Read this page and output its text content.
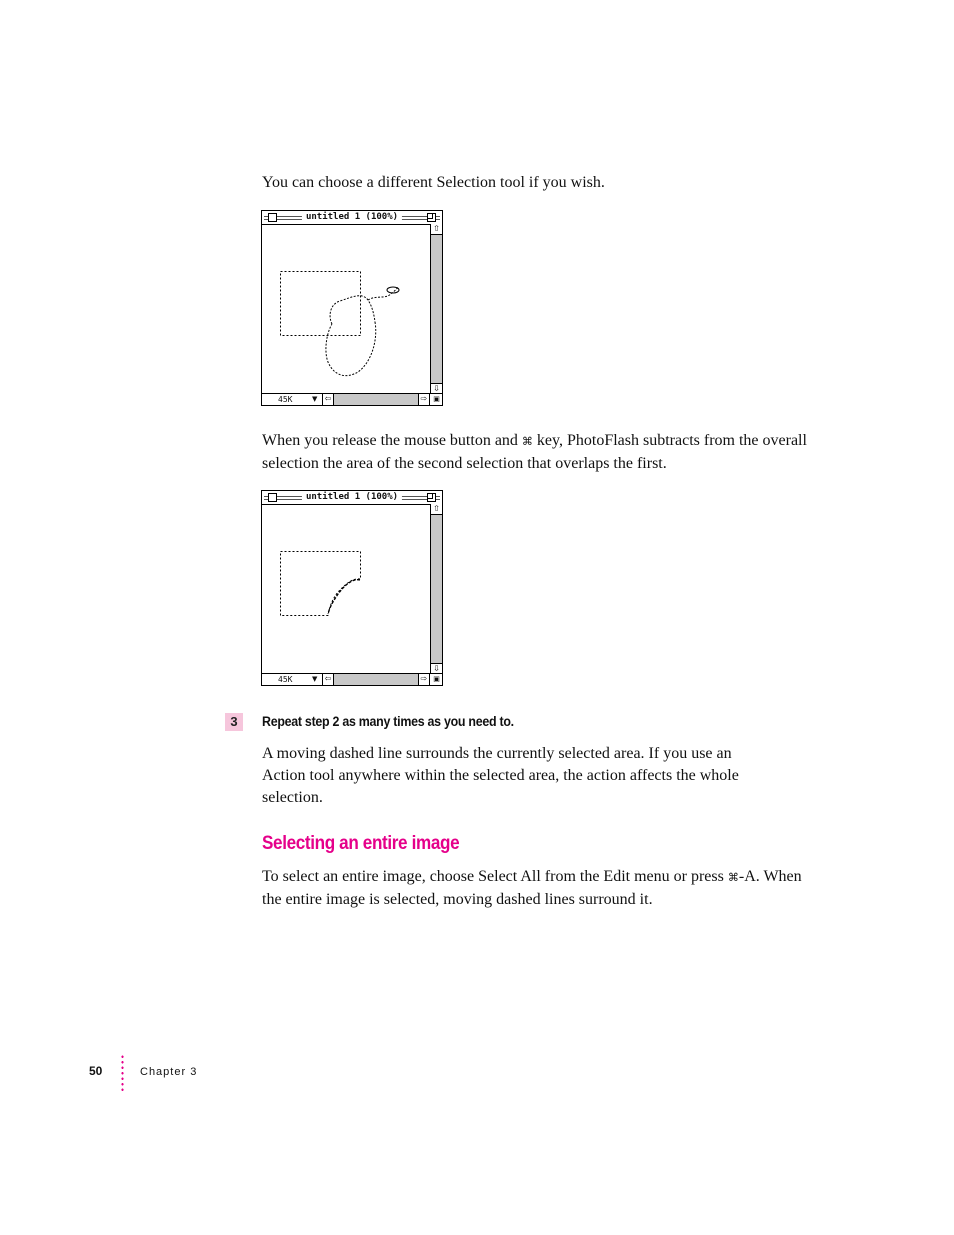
You can choose a different Selection tool if you wish.

untitled 1 (100%)
⇧
⇩
45K	▼ ⇦	⇨ ▣

When you release the mouse button and ⌘ key, PhotoFlash subtracts from the overall selection the area of the second selection that overlaps the first.

untitled 1 (100%)
⇧
⇩
45K	▼ ⇦	⇨ ▣
3	Repeat step 2 as many times as you need to.

A moving dashed line surrounds the currently selected area. If you use an Action tool anywhere within the selected area, the action affects the whole selection.

Selecting an entire image

To select an entire image, choose Select All from the Edit menu or press ⌘-A. When the entire image is selected, moving dashed lines surround it.

50	Chapter 3
